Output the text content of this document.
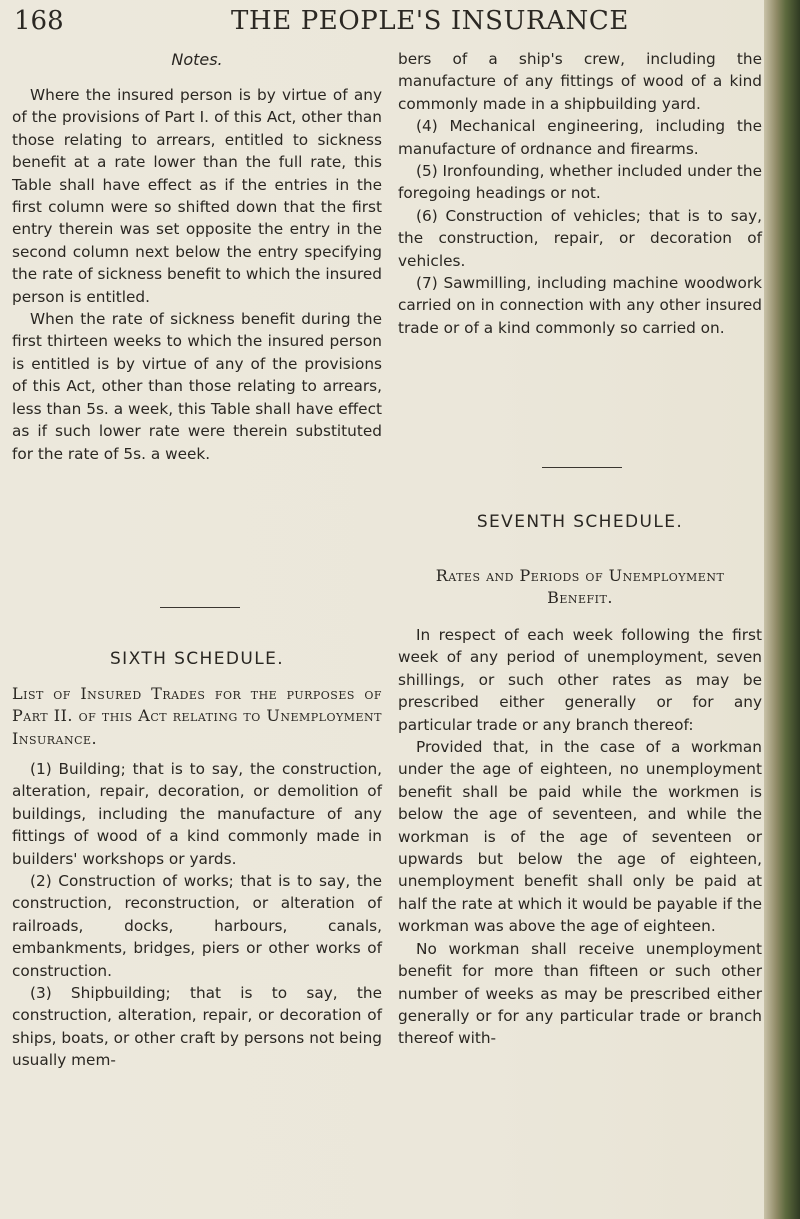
168	THE PEOPLE'S INSURANCE
Notes.

Where the insured person is by virtue of any of the provisions of Part I. of this Act, other than those relating to arrears, entitled to sickness benefit at a rate lower than the full rate, this Table shall have effect as if the entries in the first column were so shifted down that the first entry therein was set opposite the entry in the second column next below the entry specifying the rate of sickness benefit to which the insured person is entitled.

When the rate of sickness benefit during the first thirteen weeks to which the insured person is entitled is by virtue of any of the provisions of this Act, other than those relating to arrears, less than 5s. a week, this Table shall have effect as if such lower rate were therein substituted for the rate of 5s. a week.

SIXTH SCHEDULE.
List of Insured Trades for the purposes of Part II. of this Act relating to Unemployment Insurance.

(1) Building; that is to say, the construction, alteration, repair, decoration, or demolition of buildings, including the manufacture of any fittings of wood of a kind commonly made in builders' workshops or yards.

(2) Construction of works; that is to say, the construction, reconstruction, or alteration of railroads, docks, harbours, canals, embankments, bridges, piers or other works of construction.

(3) Shipbuilding; that is to say, the construction, alteration, repair, or decoration of ships, boats, or other craft by persons not being usually mem-

bers of a ship's crew, including the manufacture of any fittings of wood of a kind commonly made in a shipbuilding yard.

(4) Mechanical engineering, including the manufacture of ordnance and firearms.

(5) Ironfounding, whether included under the foregoing headings or not.

(6) Construction of vehicles; that is to say, the construction, repair, or decoration of vehicles.

(7) Sawmilling, including machine woodwork carried on in connection with any other insured trade or of a kind commonly so carried on.

SEVENTH SCHEDULE.
Rates and Periods of Unemployment
Benefit.

In respect of each week following the first week of any period of unemployment, seven shillings, or such other rates as may be prescribed either generally or for any particular trade or any branch thereof:

Provided that, in the case of a workman under the age of eighteen, no unemployment benefit shall be paid while the workmen is below the age of seventeen, and while the workman is of the age of seventeen or upwards but below the age of eighteen, unemployment benefit shall only be paid at half the rate at which it would be payable if the workman was above the age of eighteen.

No workman shall receive unemployment benefit for more than fifteen or such other number of weeks as may be prescribed either generally or for any particular trade or branch thereof with-
